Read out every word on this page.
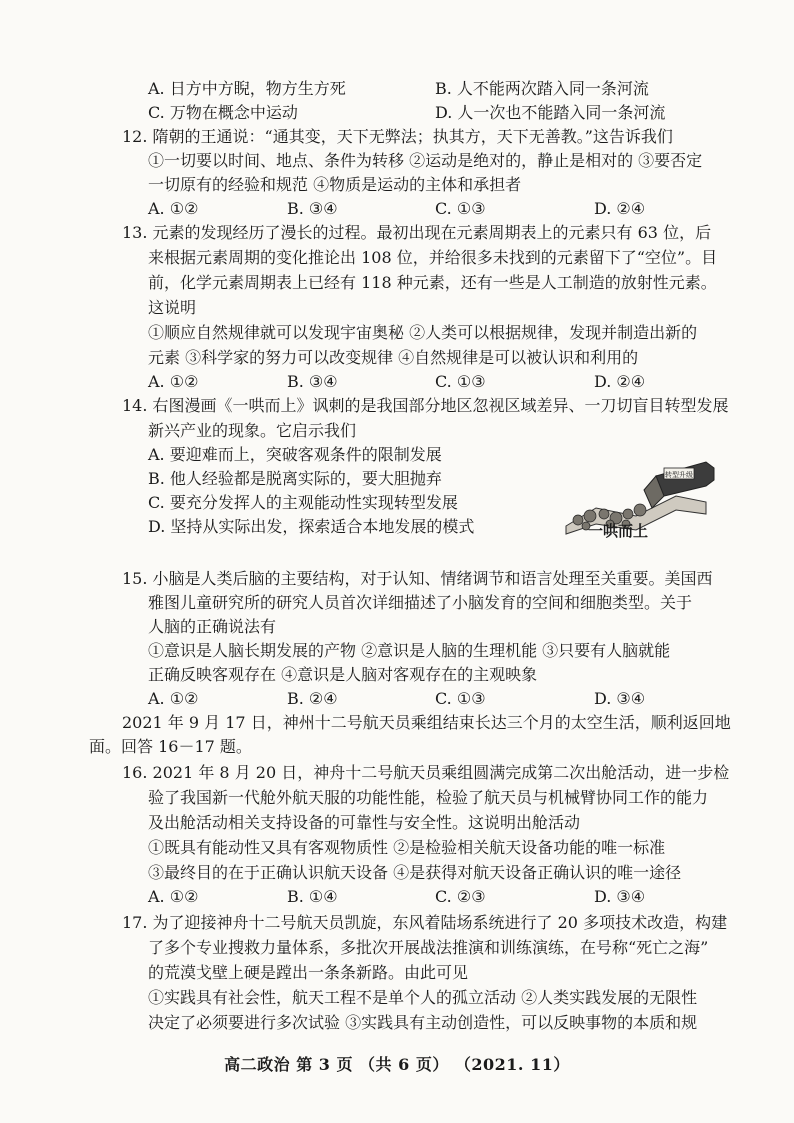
A. 日方中方睨，物方生方死	B. 人不能两次踏入同一条河流
C. 万物在概念中运动	D. 人一次也不能踏入同一条河流
12. 隋朝的王通说：“通其变，天下无弊法；执其方，天下无善教。”这告诉我们
①一切要以时间、地点、条件为转移 ②运动是绝对的，静止是相对的 ③要否定
一切原有的经验和规范 ④物质是运动的主体和承担者
A. ①②	B. ③④	C. ①③	D. ②④
13. 元素的发现经历了漫长的过程。最初出现在元素周期表上的元素只有 63 位，后
来根据元素周期的变化推论出 108 位，并给很多未找到的元素留下了“空位”。目
前，化学元素周期表上已经有 118 种元素，还有一些是人工制造的放射性元素。
这说明
①顺应自然规律就可以发现宇宙奥秘 ②人类可以根据规律，发现并制造出新的
元素 ③科学家的努力可以改变规律 ④自然规律是可以被认识和利用的
A. ①②	B. ③④	C. ①③	D. ②④
14. 右图漫画《一哄而上》讽刺的是我国部分地区忽视区域差异、一刀切盲目转型发展
新兴产业的现象。它启示我们
A. 要迎难而上，突破客观条件的限制发展
B. 他人经验都是脱离实际的，要大胆抛弃
C. 要充分发挥人的主观能动性实现转型发展
D. 坚持从实际出发，探索适合本地发展的模式
转型升级
一哄而上
15. 小脑是人类后脑的主要结构，对于认知、情绪调节和语言处理至关重要。美国西
雅图儿童研究所的研究人员首次详细描述了小脑发育的空间和细胞类型。关于
人脑的正确说法有
①意识是人脑长期发展的产物 ②意识是人脑的生理机能 ③只要有人脑就能
正确反映客观存在 ④意识是人脑对客观存在的主观映象
A. ①②	B. ②④	C. ①③	D. ③④
2021 年 9 月 17 日，神州十二号航天员乘组结束长达三个月的太空生活，顺利返回地
面。回答 16－17 题。
16. 2021 年 8 月 20 日，神舟十二号航天员乘组圆满完成第二次出舱活动，进一步检
验了我国新一代舱外航天服的功能性能，检验了航天员与机械臂协同工作的能力
及出舱活动相关支持设备的可靠性与安全性。这说明出舱活动
①既具有能动性又具有客观物质性 ②是检验相关航天设备功能的唯一标准
③最终目的在于正确认识航天设备 ④是获得对航天设备正确认识的唯一途径
A. ①②	B. ①④	C. ②③	D. ③④
17. 为了迎接神舟十二号航天员凯旋，东风着陆场系统进行了 20 多项技术改造，构建
了多个专业搜救力量体系，多批次开展战法推演和训练演练，在号称“死亡之海”
的荒漠戈壁上硬是蹚出一条条新路。由此可见
①实践具有社会性，航天工程不是单个人的孤立活动 ②人类实践发展的无限性
决定了必须要进行多次试验 ③实践具有主动创造性，可以反映事物的本质和规
高二政治 第 3 页 （共 6 页） （2021. 11）
